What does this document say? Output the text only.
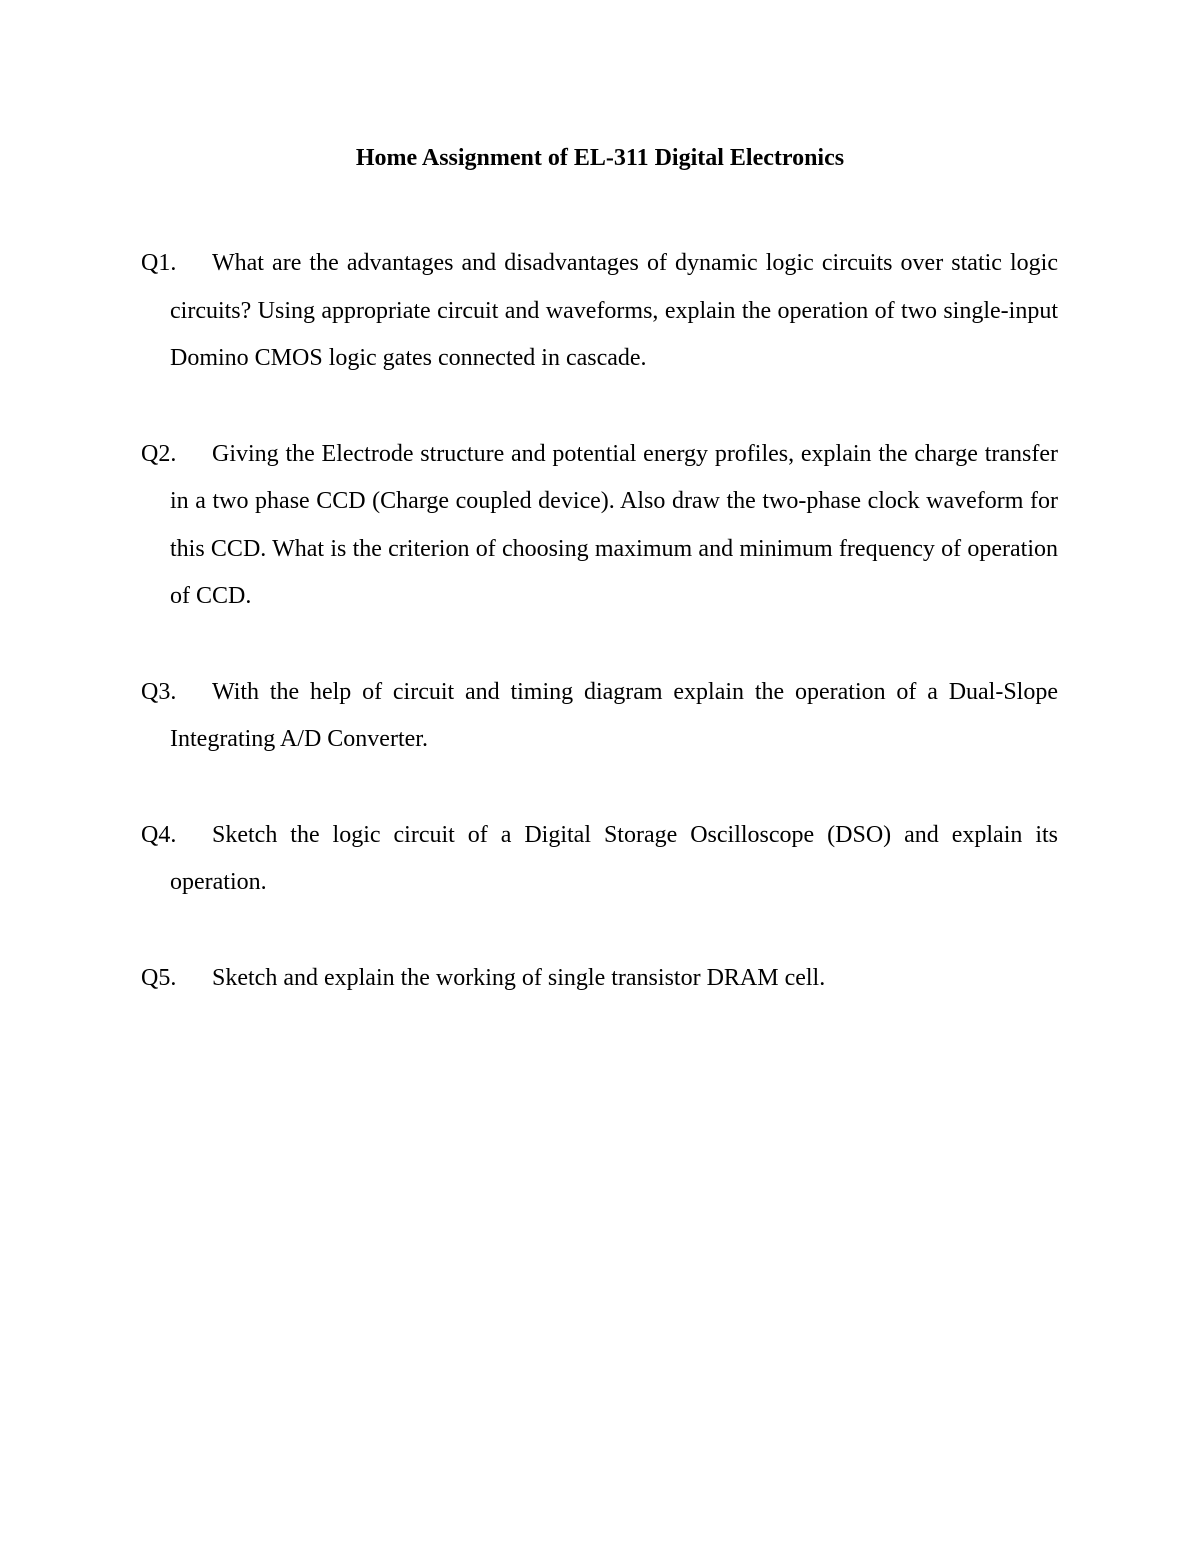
Home Assignment of EL-311 Digital Electronics
Q1.	What are the advantages and disadvantages of dynamic logic circuits over static logic circuits? Using appropriate circuit and waveforms, explain the operation of two single-input Domino CMOS logic gates connected in cascade.
Q2.	Giving the Electrode structure and potential energy profiles, explain the charge transfer in a two phase CCD (Charge coupled device). Also draw the two-phase clock waveform for this CCD. What is the criterion of choosing maximum and minimum frequency of operation of CCD.
Q3.	With the help of circuit and timing diagram explain the operation of a Dual-Slope Integrating A/D Converter.
Q4.	Sketch the logic circuit of a Digital Storage Oscilloscope (DSO) and explain its operation.
Q5.	Sketch and explain the working of single transistor DRAM cell.
